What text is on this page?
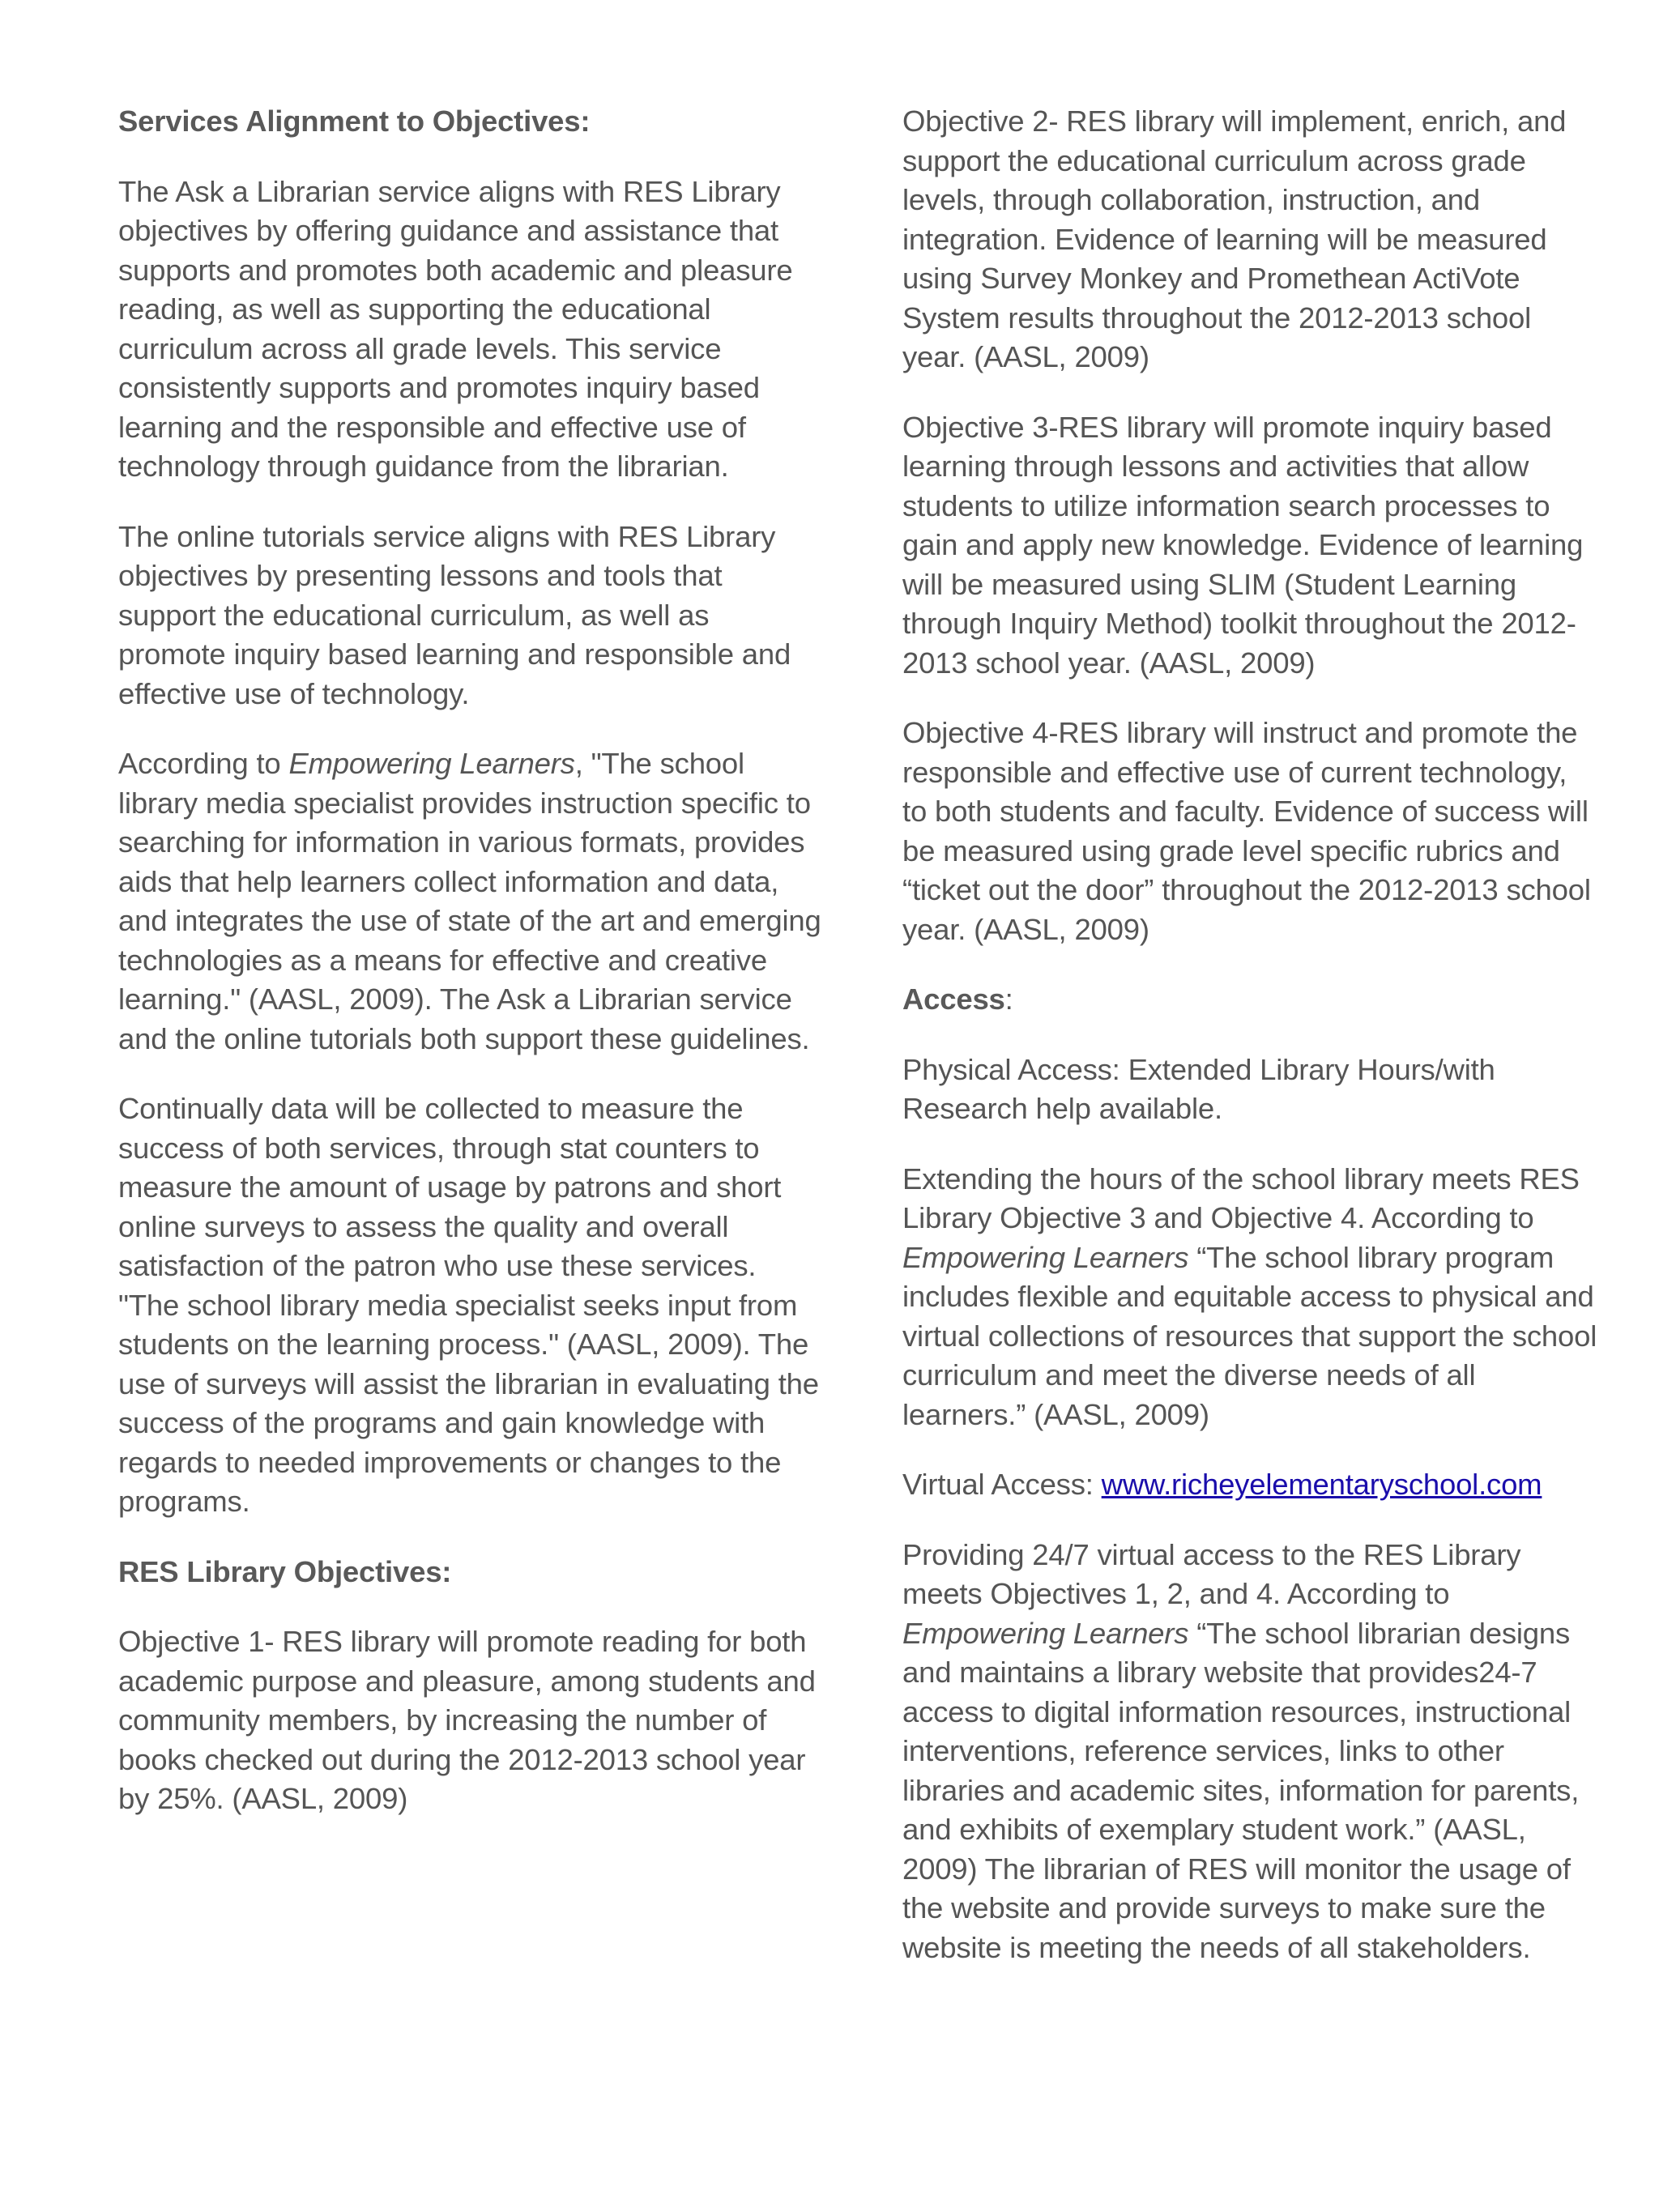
Services Alignment to Objectives:

The Ask a Librarian service aligns with RES Library objectives by offering guidance and assistance that supports and promotes both academic and pleasure reading, as well as supporting the educational curriculum across all grade levels. This service consistently supports and promotes inquiry based learning and the responsible and effective use of technology through guidance from the librarian.

The online tutorials service aligns with RES Library objectives by presenting lessons and tools that support the educational curriculum, as well as promote inquiry based learning and responsible and effective use of technology.

According to Empowering Learners, "The school library media specialist provides instruction specific to searching for information in various formats, provides aids that help learners collect information and data, and integrates the use of state of the art and emerging technologies as a means for effective and creative learning." (AASL, 2009). The Ask a Librarian service and the online tutorials both support these guidelines.

Continually data will be collected to measure the success of both services, through stat counters to measure the amount of usage by patrons and short online surveys to assess the quality and overall satisfaction of the patron who use these services. "The school library media specialist seeks input from students on the learning process." (AASL, 2009). The use of surveys will assist the librarian in evaluating the success of the programs and gain knowledge with regards to needed improvements or changes to the programs.

RES Library Objectives:

Objective 1- RES library will promote reading for both academic purpose and pleasure, among students and community members, by increasing the number of books checked out during the 2012-2013 school year by 25%. (AASL, 2009)

Objective 2- RES library will implement, enrich, and support the educational curriculum across grade levels, through collaboration, instruction, and integration. Evidence of learning will be measured using Survey Monkey and Promethean ActiVote System results throughout the 2012-2013 school year. (AASL, 2009)

Objective 3-RES library will promote inquiry based learning through lessons and activities that allow students to utilize information search processes to gain and apply new knowledge. Evidence of learning will be measured using SLIM (Student Learning through Inquiry Method) toolkit throughout the 2012-2013 school year. (AASL, 2009)

Objective 4-RES library will instruct and promote the responsible and effective use of current technology, to both students and faculty. Evidence of success will be measured using grade level specific rubrics and “ticket out the door” throughout the 2012-2013 school year. (AASL, 2009)

Access:

Physical Access: Extended Library Hours/with Research help available.

Extending the hours of the school library meets RES Library Objective 3 and Objective 4. According to Empowering Learners “The school library program includes flexible and equitable access to physical and virtual collections of resources that support the school curriculum and meet the diverse needs of all learners.” (AASL, 2009)

Virtual Access: www.richeyelementaryschool.com

Providing 24/7 virtual access to the RES Library meets Objectives 1, 2, and 4. According to Empowering Learners “The school librarian designs and maintains a library website that provides24-7 access to digital information resources, instructional interventions, reference services, links to other libraries and academic sites, information for parents, and exhibits of exemplary student work.” (AASL, 2009) The librarian of RES will monitor the usage of the website and provide surveys to make sure the website is meeting the needs of all stakeholders.
